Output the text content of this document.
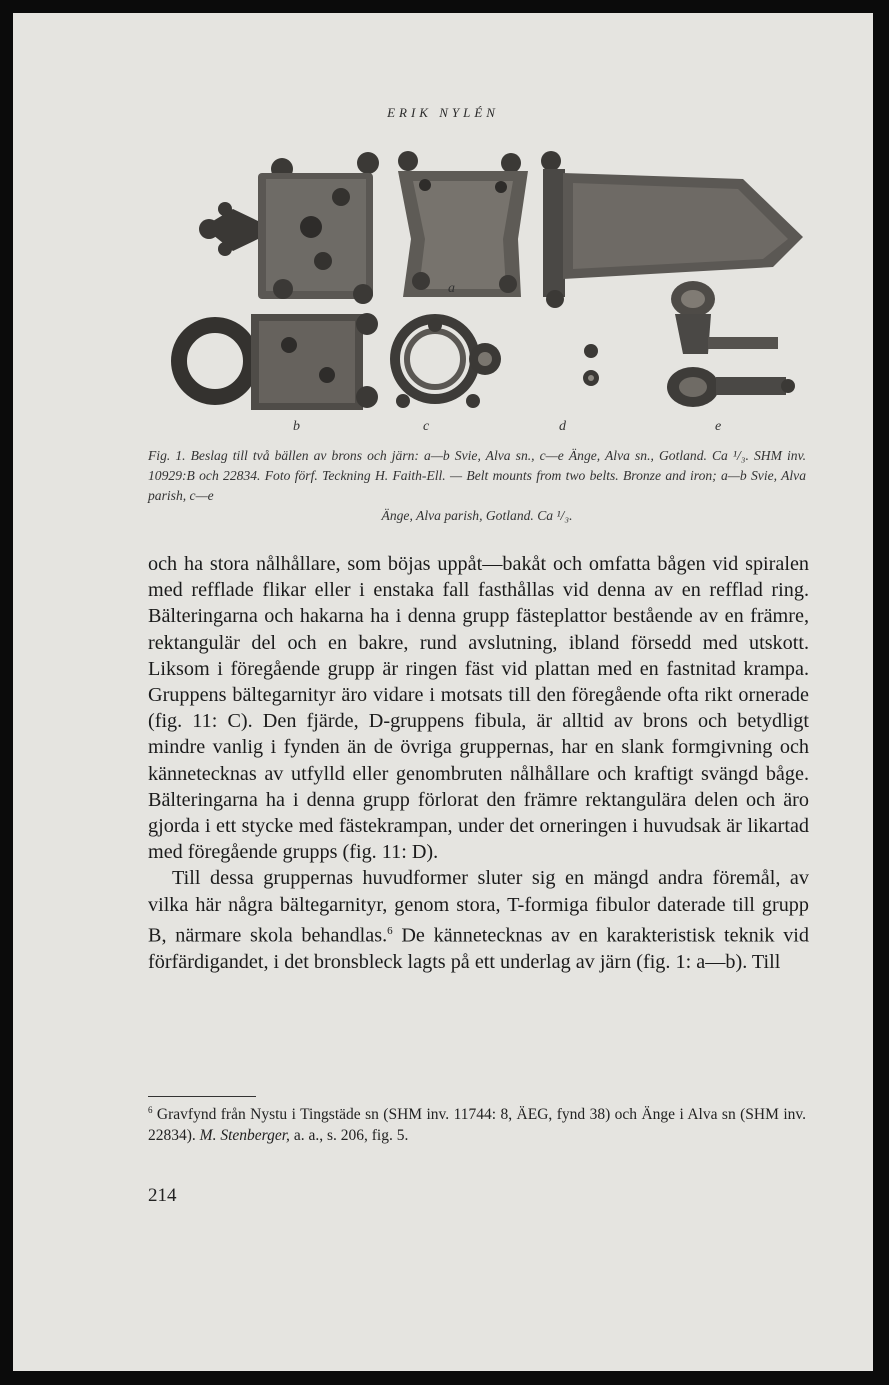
ERIK NYLÉN
a
b	c	d	e
Fig. 1. Beslag till två bällen av brons och järn: a—b Svie, Alva sn., c—e Änge, Alva sn., Gotland. Ca ¹/₃. SHM inv. 10929:B och 22834. Foto förf. Teckning H. Faith-Ell. — Belt mounts from two belts. Bronze and iron; a—b Svie, Alva parish, c—e
Änge, Alva parish, Gotland. Ca ¹/₃.

och ha stora nålhållare, som böjas uppåt—bakåt och omfatta bågen vid spiralen med refflade flikar eller i enstaka fall fasthållas vid denna av en refflad ring. Bälteringarna och hakarna ha i denna grupp fästeplattor bestående av en främre, rektangulär del och en bakre, rund avslutning, ibland försedd med utskott. Liksom i föregående grupp är ringen fäst vid plattan med en fastnitad krampa. Gruppens bältegarnityr äro vidare i motsats till den föregående ofta rikt ornerade (fig. 11: C). Den fjärde, D-gruppens fibula, är alltid av brons och betydligt mindre vanlig i fynden än de övriga gruppernas, har en slank formgivning och kännetecknas av utfylld eller genombruten nålhållare och kraftigt svängd båge. Bälteringarna ha i denna grupp förlorat den främre rektangulära delen och äro gjorda i ett stycke med fästekrampan, under det orneringen i huvudsak är likartad med föregående grupps (fig. 11: D).

Till dessa gruppernas huvudformer sluter sig en mängd andra föremål, av vilka här några bältegarnityr, genom stora, T-formiga fibulor daterade till grupp B, närmare skola behandlas.$^6$ De kännetecknas av en karakteristisk teknik vid förfärdigandet, i det bronsbleck lagts på ett underlag av järn (fig. 1: a—b). Till

$^6$ Gravfynd från Nystu i Tingstäde sn (SHM inv. 11744: 8, ÄEG, fynd 38) och Änge i Alva sn (SHM inv. 22834). M. Stenberger, a. a., s. 206, fig. 5.
214
